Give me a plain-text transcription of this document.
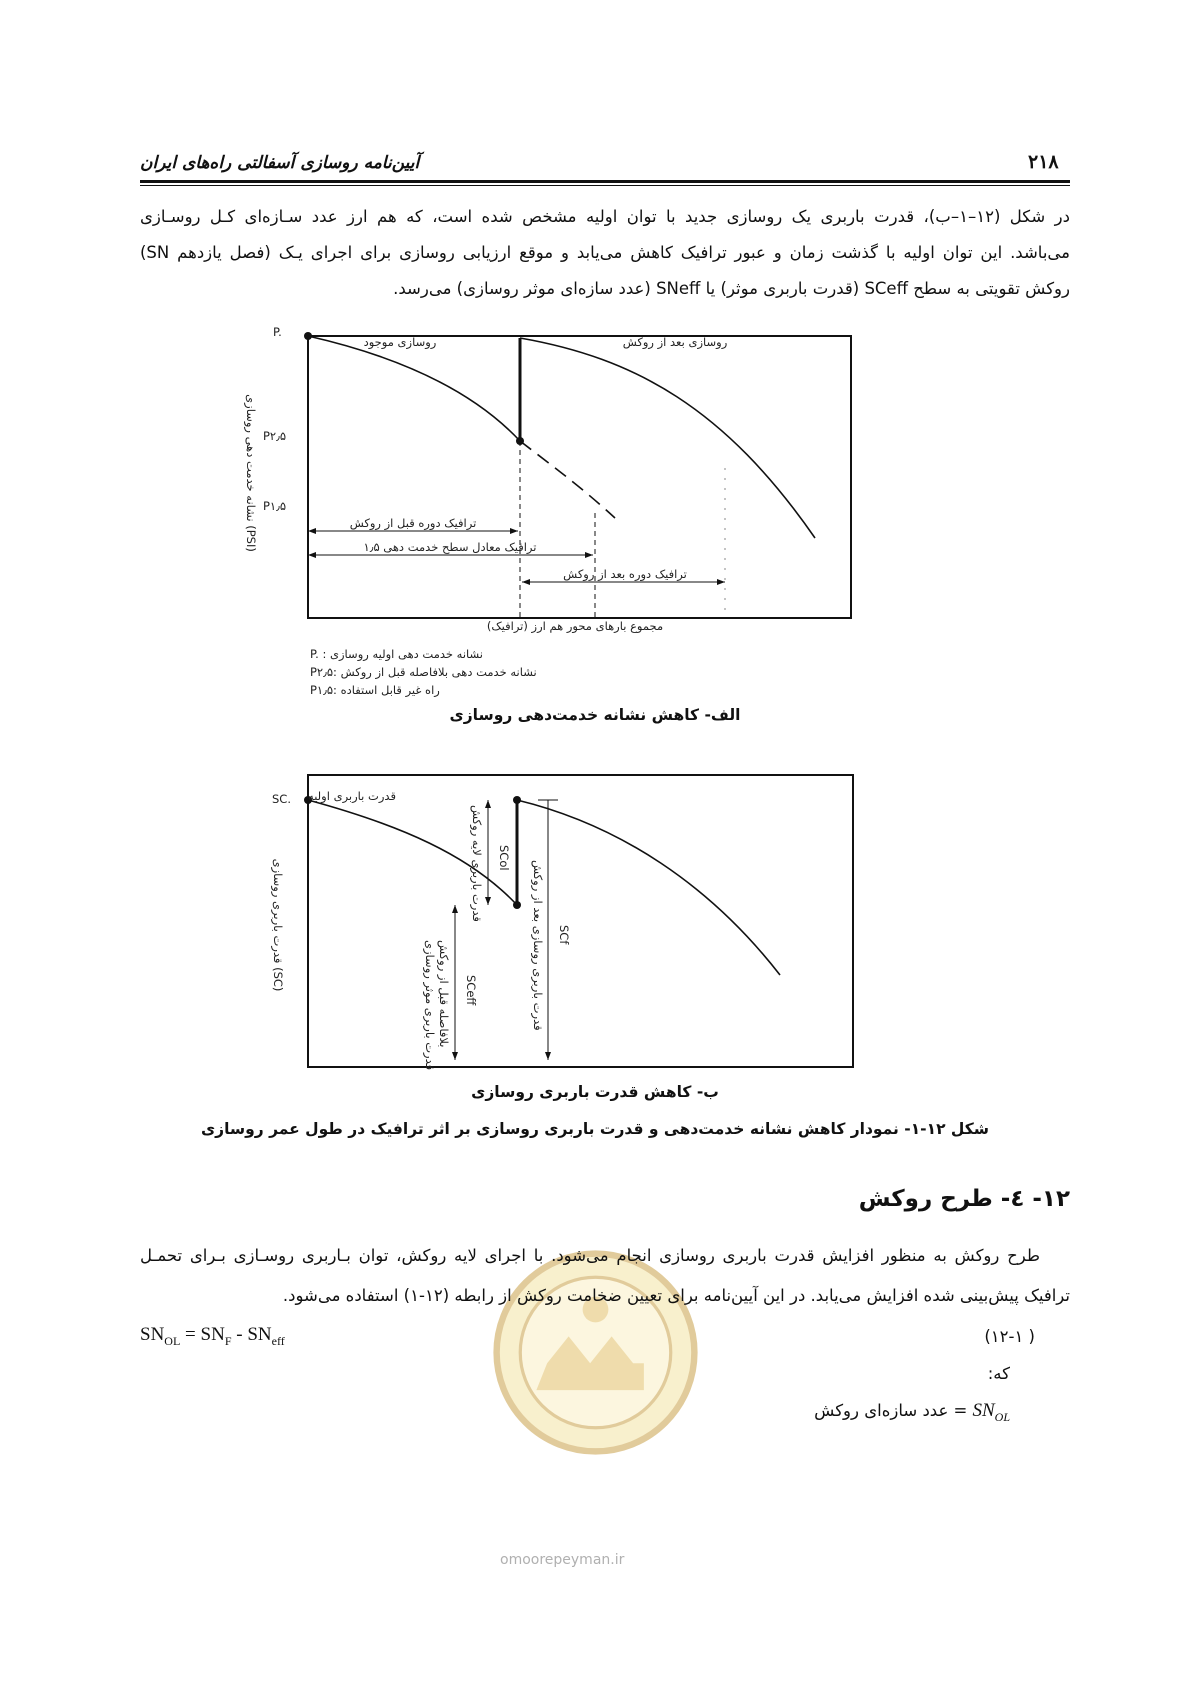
آیین‌نامه روسازی آسفالتی راه‌های ایران	۲۱۸
در شکل (۱۲–۱–ب)، قدرت باربری یک روسازی جدید با توان اولیه مشخص شده است، که هم ارز عدد سـازه‌ای کـل روسـازی
(SN فصل یازدهم) می‌باشد. این توان اولیه با گذشت زمان و عبور ترافیک کاهش می‌یابد و موقع ارزیابی روسازی برای اجرای یـک
روکش تقویتی به سطح SCeff (قدرت باربری موثر) یا SNeff (عدد سازه‌ای موثر روسازی) می‌رسد.
P.
P۲٫۵
P۱٫۵
نشانه خدمت دهی روسازی (PSI)
روسازی موجود	روسازی بعد از روکش
ترافیک دوره قبل از روکش
ترافیک معادل سطح خدمت دهی ۱٫۵
ترافیک دوره بعد از روکش
مجموع بارهای محور هم ارز (ترافیک)
P. : نشانه خدمت دهی اولیه روسازی
P۲٫۵: نشانه خدمت دهی بلافاصله قبل از روکش
P۱٫۵: راه غیر قابل استفاده
الف- کاهش نشانه خدمت‌دهی روسازی
SC. قدرت باربری اولیه
قدرت باربری روسازی (SC)
SCol
قدرت باربری لایه روکش
SCf
قدرت باربری روسازی بعد از روکش
SCeff
قدرت باربری موثر روسازی بلافاصله قبل از روکش
ب- کاهش قدرت باربری روسازی
شکل ۱۲-۱- نمودار کاهش نشانه خدمت‌دهی و قدرت باربری روسازی بر اثر ترافیک در طول عمر روسازی
omoorepeyman.ir
۱۲- ٤- طرح روکش
طرح روکش به منظور افزایش قدرت باربری روسازی انجام می‌شود. با اجرای لایه روکش، توان بـاربری روسـازی بـرای تحمـل
ترافیک پیش‌بینی شده افزایش می‌یابد. در این آیین‌نامه برای تعیین ضخامت روکش از رابطه (۱۲-۱) استفاده می‌شود.
$SN_{OL} = SN_F - SN_{eff}$	(۱۲-۱ )
که:
= عدد سازه‌ای روکش $SN_{OL}$
